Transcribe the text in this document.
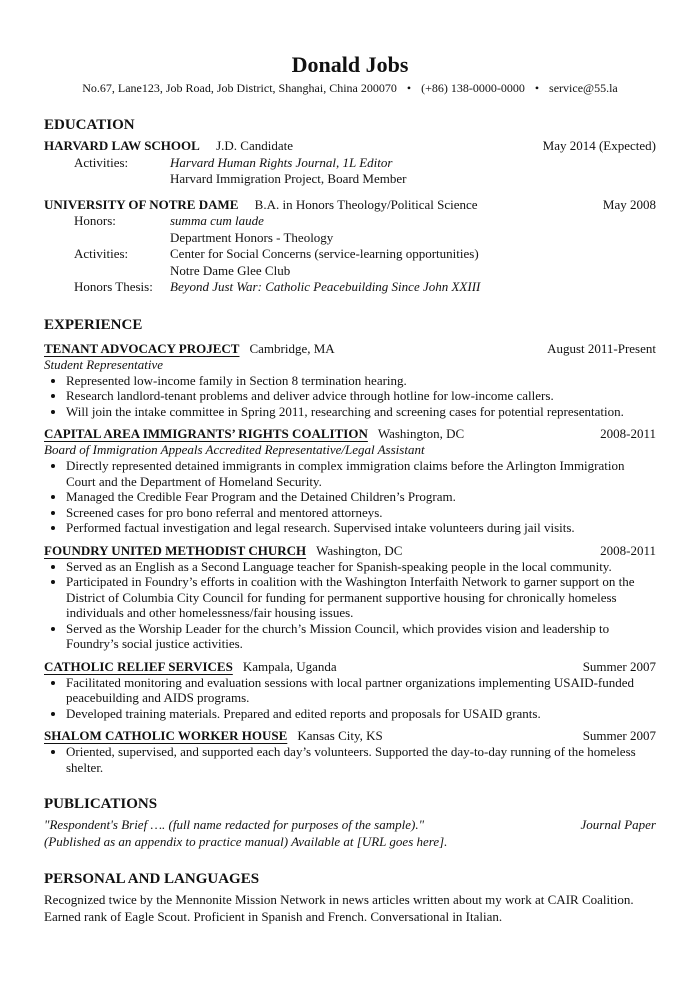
Donald Jobs
No.67, Lane123, Job Road, Job District, Shanghai, China 200070 • (+86) 138-0000-0000 • service@55.la
EDUCATION
HARVARD LAW SCHOOL J.D. Candidate	May 2014 (Expected)
Activities:	Harvard Human Rights Journal, 1L Editor
Harvard Immigration Project, Board Member
UNIVERSITY OF NOTRE DAME B.A. in Honors Theology/Political Science	May 2008
Honors:	summa cum laude
Department Honors - Theology
Activities:	Center for Social Concerns (service-learning opportunities)
Notre Dame Glee Club
Honors Thesis:	Beyond Just War: Catholic Peacebuilding Since John XXIII
EXPERIENCE
TENANT ADVOCACY PROJECT Cambridge, MA	August 2011-Present
Student Representative
• Represented low-income family in Section 8 termination hearing.
• Research landlord-tenant problems and deliver advice through hotline for low-income callers.
• Will join the intake committee in Spring 2011, researching and screening cases for potential representation.
CAPITAL AREA IMMIGRANTS’ RIGHTS COALITION Washington, DC	2008-2011
Board of Immigration Appeals Accredited Representative/Legal Assistant
• Directly represented detained immigrants in complex immigration claims before the Arlington Immigration Court and the Department of Homeland Security.
• Managed the Credible Fear Program and the Detained Children’s Program.
• Screened cases for pro bono referral and mentored attorneys.
• Performed factual investigation and legal research. Supervised intake volunteers during jail visits.
FOUNDRY UNITED METHODIST CHURCH Washington, DC	2008-2011
• Served as an English as a Second Language teacher for Spanish-speaking people in the local community.
• Participated in Foundry’s efforts in coalition with the Washington Interfaith Network to garner support on the District of Columbia City Council for funding for permanent supportive housing for chronically homeless individuals and other homelessness/fair housing issues.
• Served as the Worship Leader for the church’s Mission Council, which provides vision and leadership to Foundry’s social justice activities.
CATHOLIC RELIEF SERVICES Kampala, Uganda	Summer 2007
• Facilitated monitoring and evaluation sessions with local partner organizations implementing USAID-funded peacebuilding and AIDS programs.
• Developed training materials. Prepared and edited reports and proposals for USAID grants.
SHALOM CATHOLIC WORKER HOUSE Kansas City, KS	Summer 2007
• Oriented, supervised, and supported each day’s volunteers. Supported the day-to-day running of the homeless shelter.
PUBLICATIONS
"Respondent's Brief …. (full name redacted for purposes of the sample)."	Journal Paper
(Published as an appendix to practice manual) Available at [URL goes here].
PERSONAL AND LANGUAGES
Recognized twice by the Mennonite Mission Network in news articles written about my work at CAIR Coalition. Earned rank of Eagle Scout. Proficient in Spanish and French. Conversational in Italian.
